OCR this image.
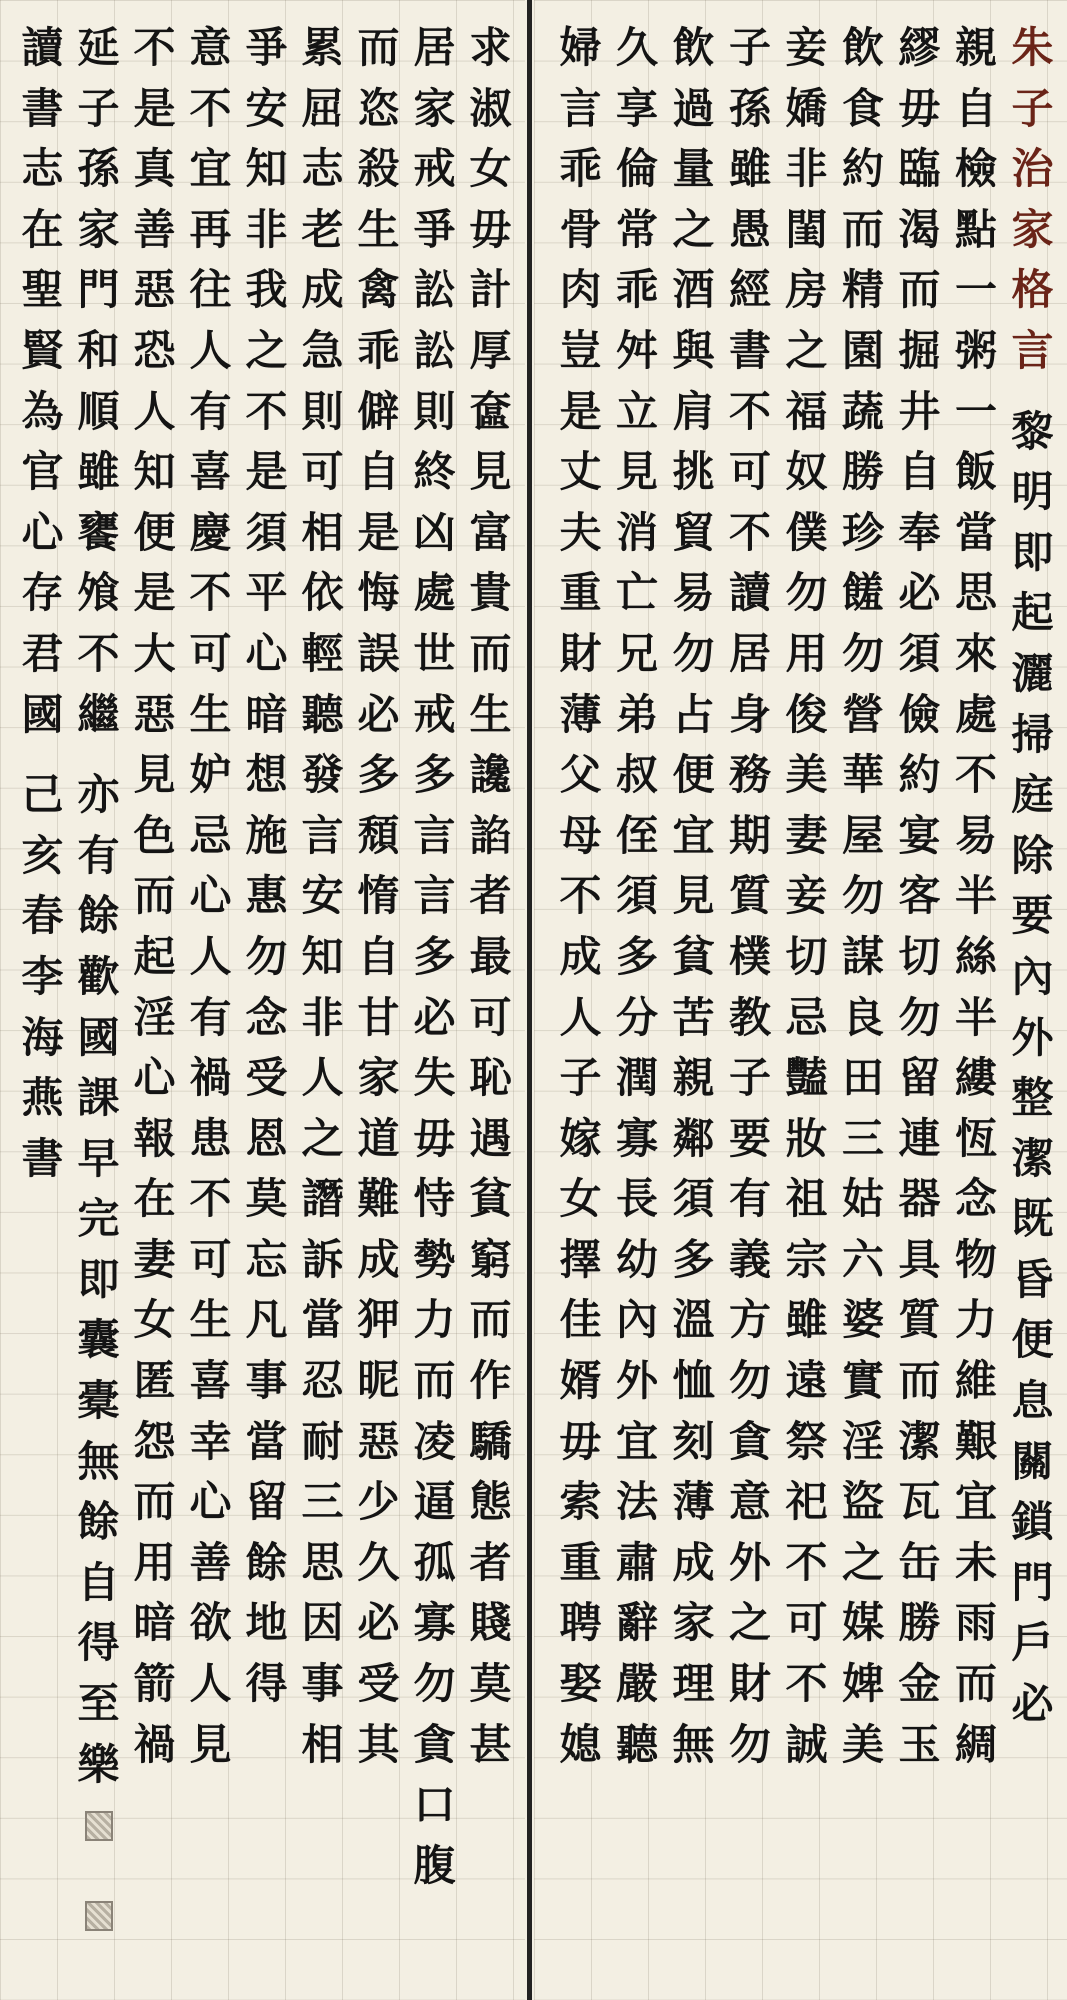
求
淑
女
毋
計
厚
奩
見
富
貴
而
生
讒
諂
者
最
可
恥
遇
貧
窮
而
作
驕
態
者
賤
莫
甚
居
家
戒
爭
訟
訟
則
終
凶
處
世
戒
多
言
言
多
必
失
毋
恃
勢
力
而
凌
逼
孤
寡
勿
貪
口
腹
而
恣
殺
生
禽
乖
僻
自
是
悔
誤
必
多
頹
惰
自
甘
家
道
難
成
狎
昵
惡
少
久
必
受
其
累
屈
志
老
成
急
則
可
相
依
輕
聽
發
言
安
知
非
人
之
譖
訴
當
忍
耐
三
思
因
事
相
爭
安
知
非
我
之
不
是
須
平
心
暗
想
施
惠
勿
念
受
恩
莫
忘
凡
事
當
留
餘
地
得
意
不
宜
再
往
人
有
喜
慶
不
可
生
妒
忌
心
人
有
禍
患
不
可
生
喜
幸
心
善
欲
人
見
不
是
真
善
惡
恐
人
知
便
是
大
惡
見
色
而
起
淫
心
報
在
妻
女
匿
怨
而
用
暗
箭
禍
延
子
孫
家
門
和
順
雖
饔
飧
不
繼
亦
有
餘
歡
國
課
早
完
即
囊
橐
無
餘
自
得
至
樂
讀
書
志
在
聖
賢
為
官
心
存
君
國
己
亥
春
李
海
燕
書
朱
子
治
家
格
言
黎
明
即
起
灑
掃
庭
除
要
內
外
整
潔
既
昏
便
息
關
鎖
門
戶
必
親
自
檢
點
一
粥
一
飯
當
思
來
處
不
易
半
絲
半
縷
恆
念
物
力
維
艱
宜
未
雨
而
綢
繆
毋
臨
渴
而
掘
井
自
奉
必
須
儉
約
宴
客
切
勿
留
連
器
具
質
而
潔
瓦
缶
勝
金
玉
飲
食
約
而
精
園
蔬
勝
珍
饈
勿
營
華
屋
勿
謀
良
田
三
姑
六
婆
實
淫
盜
之
媒
婢
美
妾
嬌
非
閨
房
之
福
奴
僕
勿
用
俊
美
妻
妾
切
忌
豔
妝
祖
宗
雖
遠
祭
祀
不
可
不
誠
子
孫
雖
愚
經
書
不
可
不
讀
居
身
務
期
質
樸
教
子
要
有
義
方
勿
貪
意
外
之
財
勿
飲
過
量
之
酒
與
肩
挑
貿
易
勿
占
便
宜
見
貧
苦
親
鄰
須
多
溫
恤
刻
薄
成
家
理
無
久
享
倫
常
乖
舛
立
見
消
亡
兄
弟
叔
侄
須
多
分
潤
寡
長
幼
內
外
宜
法
肅
辭
嚴
聽
婦
言
乖
骨
肉
豈
是
丈
夫
重
財
薄
父
母
不
成
人
子
嫁
女
擇
佳
婿
毋
索
重
聘
娶
媳
